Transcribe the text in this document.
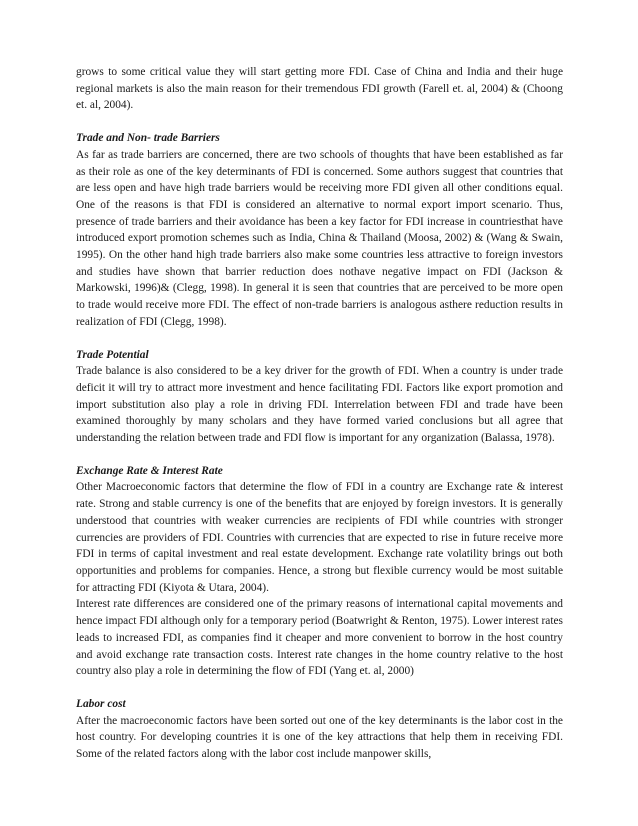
grows to some critical value they will start getting more FDI. Case of China and India and their huge regional markets is also the main reason for their tremendous FDI growth (Farell et. al, 2004) & (Choong et. al, 2004).

Trade and Non- trade Barriers

As far as trade barriers are concerned, there are two schools of thoughts that have been established as far as their role as one of the key determinants of FDI is concerned. Some authors suggest that countries that are less open and have high trade barriers would be receiving more FDI given all other conditions equal. One of the reasons is that FDI is considered an alternative to normal export import scenario. Thus, presence of trade barriers and their avoidance has been a key factor for FDI increase in countriesthat have introduced export promotion schemes such as India, China & Thailand (Moosa, 2002) & (Wang & Swain, 1995). On the other hand high trade barriers also make some countries less attractive to foreign investors and studies have shown that barrier reduction does nothave negative impact on FDI (Jackson & Markowski, 1996)& (Clegg, 1998). In general it is seen that countries that are perceived to be more open to trade would receive more FDI. The effect of non-trade barriers is analogous asthere reduction results in realization of FDI (Clegg, 1998).

Trade Potential

Trade balance is also considered to be a key driver for the growth of FDI. When a country is under trade deficit it will try to attract more investment and hence facilitating FDI. Factors like export promotion and import substitution also play a role in driving FDI. Interrelation between FDI and trade have been examined thoroughly by many scholars and they have formed varied conclusions but all agree that understanding the relation between trade and FDI flow is important for any organization (Balassa, 1978).

Exchange Rate & Interest Rate

Other Macroeconomic factors that determine the flow of FDI in a country are Exchange rate & interest rate. Strong and stable currency is one of the benefits that are enjoyed by foreign investors. It is generally understood that countries with weaker currencies are recipients of FDI while countries with stronger currencies are providers of FDI. Countries with currencies that are expected to rise in future receive more FDI in terms of capital investment and real estate development. Exchange rate volatility brings out both opportunities and problems for companies. Hence, a strong but flexible currency would be most suitable for attracting FDI (Kiyota & Utara, 2004).

Interest rate differences are considered one of the primary reasons of international capital movements and hence impact FDI although only for a temporary period (Boatwright & Renton, 1975). Lower interest rates leads to increased FDI, as companies find it cheaper and more convenient to borrow in the host country and avoid exchange rate transaction costs. Interest rate changes in the home country relative to the host country also play a role in determining the flow of FDI (Yang et. al, 2000)

Labor cost

After the macroeconomic factors have been sorted out one of the key determinants is the labor cost in the host country. For developing countries it is one of the key attractions that help them in receiving FDI. Some of the related factors along with the labor cost include manpower skills,
